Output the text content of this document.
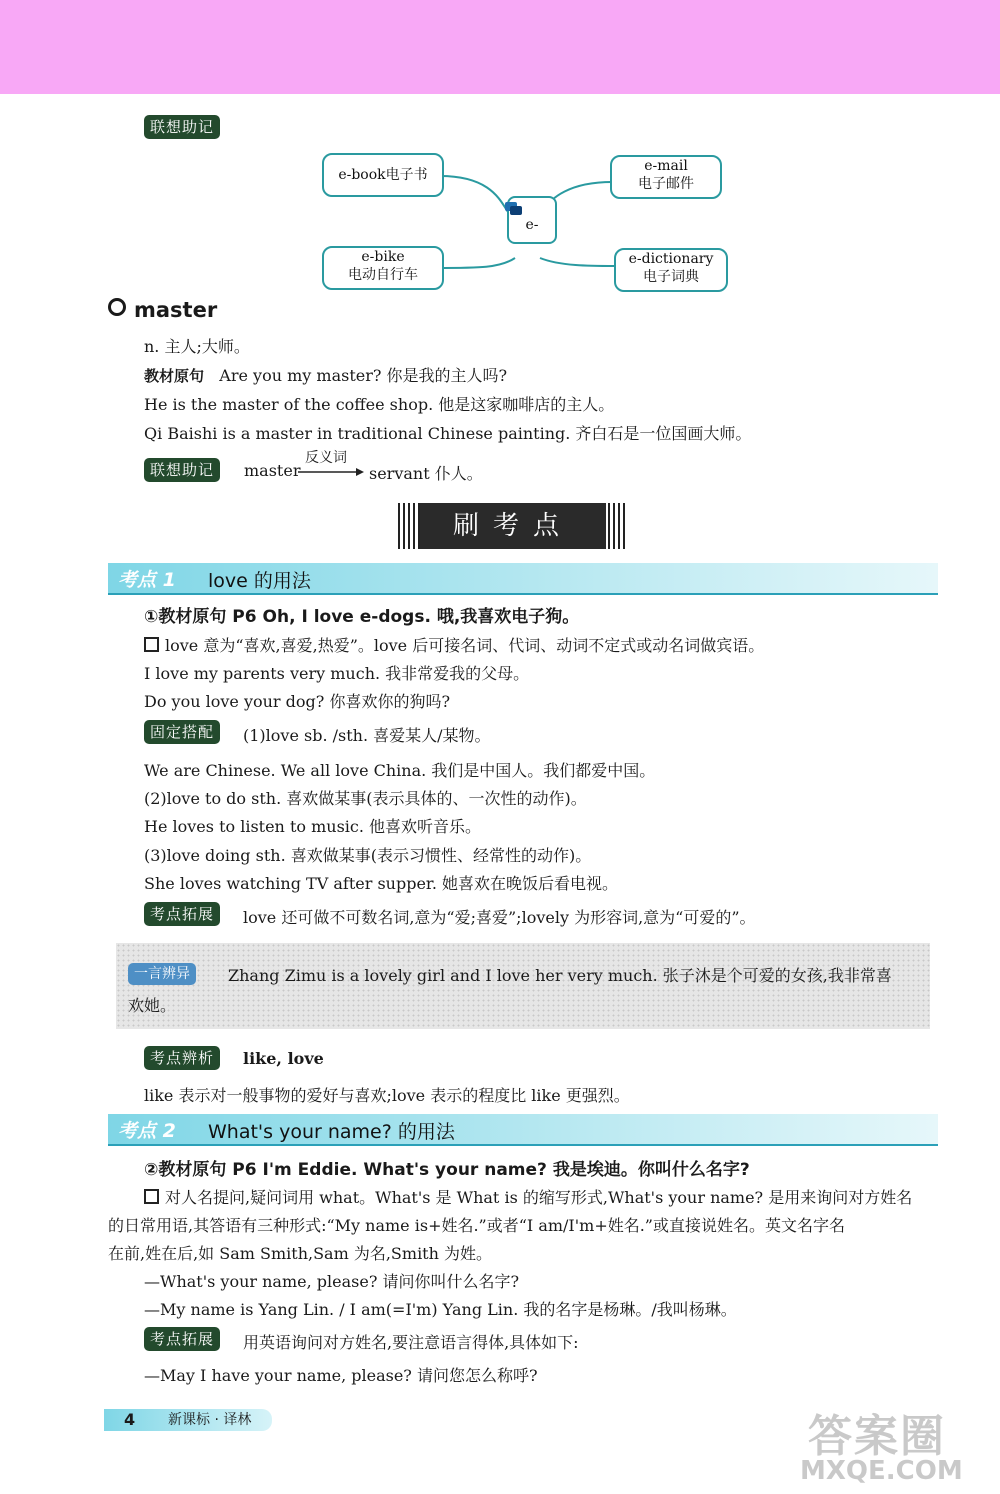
联想助记
e-book电子书
e-mail
电子邮件
e-bike
电动自行车
e-dictionary
电子词典
e-
master
n. 主人;大师。
教材原句 Are you my master? 你是我的主人吗?
He is the master of the coffee shop. 他是这家咖啡店的主人。
Qi Baishi is a master in traditional Chinese painting. 齐白石是一位国画大师。
联想助记	master
反义词
servant 仆人。
刷考点
考点 1 love 的用法
①教材原句 P6 Oh, I love e-dogs. 哦,我喜欢电子狗。
love 意为“喜欢,喜爱,热爱”。love 后可接名词、代词、动词不定式或动名词做宾语。
I love my parents very much. 我非常爱我的父母。
Do you love your dog? 你喜欢你的狗吗?
固定搭配	(1)love sb. /sth. 喜爱某人/某物。
We are Chinese. We all love China. 我们是中国人。我们都爱中国。
(2)love to do sth. 喜欢做某事(表示具体的、一次性的动作)。
He loves to listen to music. 他喜欢听音乐。
(3)love doing sth. 喜欢做某事(表示习惯性、经常性的动作)。
She loves watching TV after supper. 她喜欢在晚饭后看电视。
考点拓展	love 还可做不可数名词,意为“爱;喜爱”;lovely 为形容词,意为“可爱的”。
一言辨异	Zhang Zimu is a lovely girl and I love her very much. 张子沐是个可爱的女孩,我非常喜
欢她。
考点辨析	like, love
like 表示对一般事物的爱好与喜欢;love 表示的程度比 like 更强烈。
考点 2 What's your name? 的用法
②教材原句 P6 I'm Eddie. What's your name? 我是埃迪。你叫什么名字?
对人名提问,疑问词用 what。What's 是 What is 的缩写形式,What's your name? 是用来询问对方姓名
的日常用语,其答语有三种形式:“My name is+姓名.”或者“I am/I'm+姓名.”或直接说姓名。英文名字名
在前,姓在后,如 Sam Smith,Sam 为名,Smith 为姓。
—What's your name, please? 请问你叫什么名字?
—My name is Yang Lin. / I am(=I'm) Yang Lin. 我的名字是杨琳。/我叫杨琳。
考点拓展	用英语询问对方姓名,要注意语言得体,具体如下:
—May I have your name, please? 请问您怎么称呼?
4 新课标 · 译林	答案圈
MXQE.COM
